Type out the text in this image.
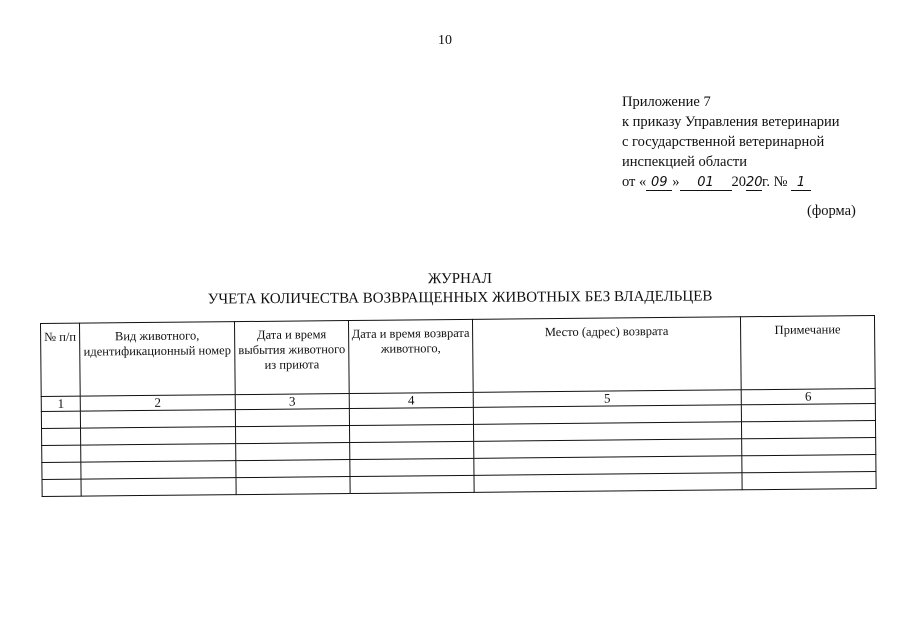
10
Приложение 7
к приказу Управления ветеринарии
с государственной ветеринарной
инспекцией области
от « 09 » 01 2020г. № 1
(форма)
ЖУРНАЛ
УЧЕТА КОЛИЧЕСТВА ВОЗВРАЩЕННЫХ ЖИВОТНЫХ БЕЗ ВЛАДЕЛЬЦЕВ
№ п/п	Вид животного, идентификационный номер	Дата и время выбытия животного из приюта	Дата и время возврата животного,	Место (адрес) возврата	Примечание
1	2	3	4	5	6
